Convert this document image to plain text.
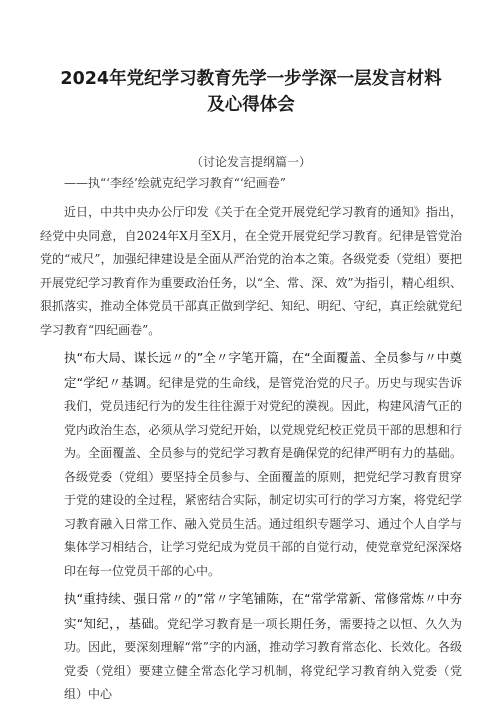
2024年党纪学习教育先学一步学深一层发言材料及心得体会

（讨论发言提纲篇一）

——执“‘李经’绘就克纪学习教育“‘纪画卷”

近日，中共中央办公厅印发《关于在全党开展党纪学习教育的通知》指出，经党中央同意，自2024年X月至X月，在全党开展党纪学习教育。纪律是管党治党的“戒尺”，加强纪律建设是全面从严治党的治本之策。各级党委（党组）要把开展党纪学习教育作为重要政治任务，以“全、常、深、效”为指引，精心组织、狠抓落实，推动全体党员干部真正做到学纪、知纪、明纪、守纪，真正绘就党纪学习教育“四纪画卷”。

执“布大局、谋长远〃的”全〃字笔开篇，在“全面覆盖、全员参与〃中奠定“学纪〃基调。纪律是党的生命线，是管党治党的尺子。历史与现实告诉我们，党员违纪行为的发生往往源于对党纪的漠视。因此，构建风清气正的党内政治生态，必须从学习党纪开始，以党规党纪校正党员干部的思想和行为。全面覆盖、全员参与的党纪学习教育是确保党的纪律严明有力的基础。各级党委（党组）要坚持全员参与、全面覆盖的原则，把党纪学习教育贯穿于党的建设的全过程，紧密结合实际，制定切实可行的学习方案，将党纪学习教育融入日常工作、融入党员生活。通过组织专题学习、通过个人自学与集体学习相结合，让学习党纪成为党员干部的自觉行动，使党章党纪深深烙印在每一位党员干部的心中。

执“重持续、强日常〃的”常〃字笔铺陈，在“常学常新、常修常炼〃中夯实“知纪，，基础。党纪学习教育是一项长期任务，需要持之以恒、久久为功。因此，要深刻理解“常”字的内涵，推动学习教育常态化、长效化。各级党委（党组）要建立健全常态化学习机制，将党纪学习教育纳入党委（党组）中心
